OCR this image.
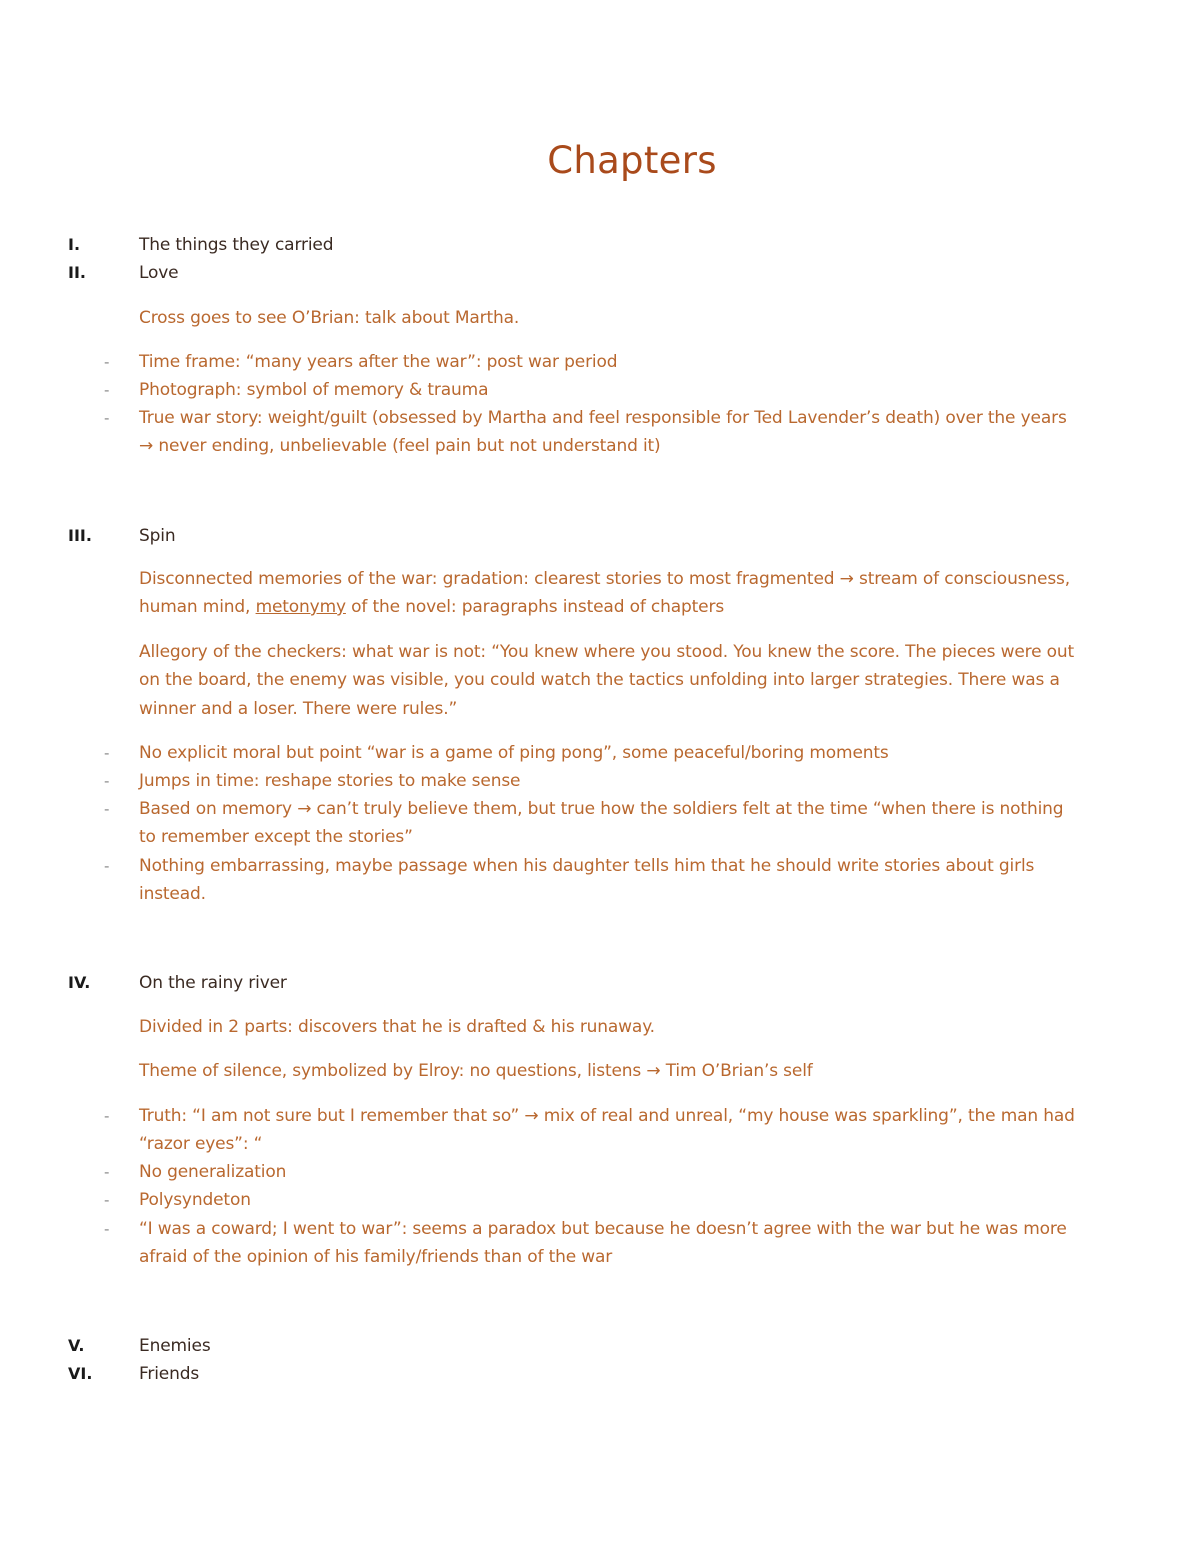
Chapters
I.	The things they carried
II.	Love
Cross goes to see O’Brian: talk about Martha.
- Time frame: “many years after the war”: post war period
- Photograph: symbol of memory & trauma
- True war story: weight/guilt (obsessed by Martha and feel responsible for Ted Lavender’s death) over the years
→ never ending, unbelievable (feel pain but not understand it)
III.	Spin
Disconnected memories of the war: gradation: clearest stories to most fragmented → stream of consciousness,
human mind, metonymy of the novel: paragraphs instead of chapters
Allegory of the checkers: what war is not: “You knew where you stood. You knew the score. The pieces were out
on the board, the enemy was visible, you could watch the tactics unfolding into larger strategies. There was a
winner and a loser. There were rules.”
- No explicit moral but point “war is a game of ping pong”, some peaceful/boring moments
- Jumps in time: reshape stories to make sense
- Based on memory → can’t truly believe them, but true how the soldiers felt at the time “when there is nothing
to remember except the stories”
- Nothing embarrassing, maybe passage when his daughter tells him that he should write stories about girls
instead.
IV.	On the rainy river
Divided in 2 parts: discovers that he is drafted & his runaway.
Theme of silence, symbolized by Elroy: no questions, listens → Tim O’Brian’s self
- Truth: “I am not sure but I remember that so” → mix of real and unreal, “my house was sparkling”, the man had
“razor eyes”: “
- No generalization
- Polysyndeton
- “I was a coward; I went to war”: seems a paradox but because he doesn’t agree with the war but he was more
afraid of the opinion of his family/friends than of the war
V.	Enemies
VI.	Friends
